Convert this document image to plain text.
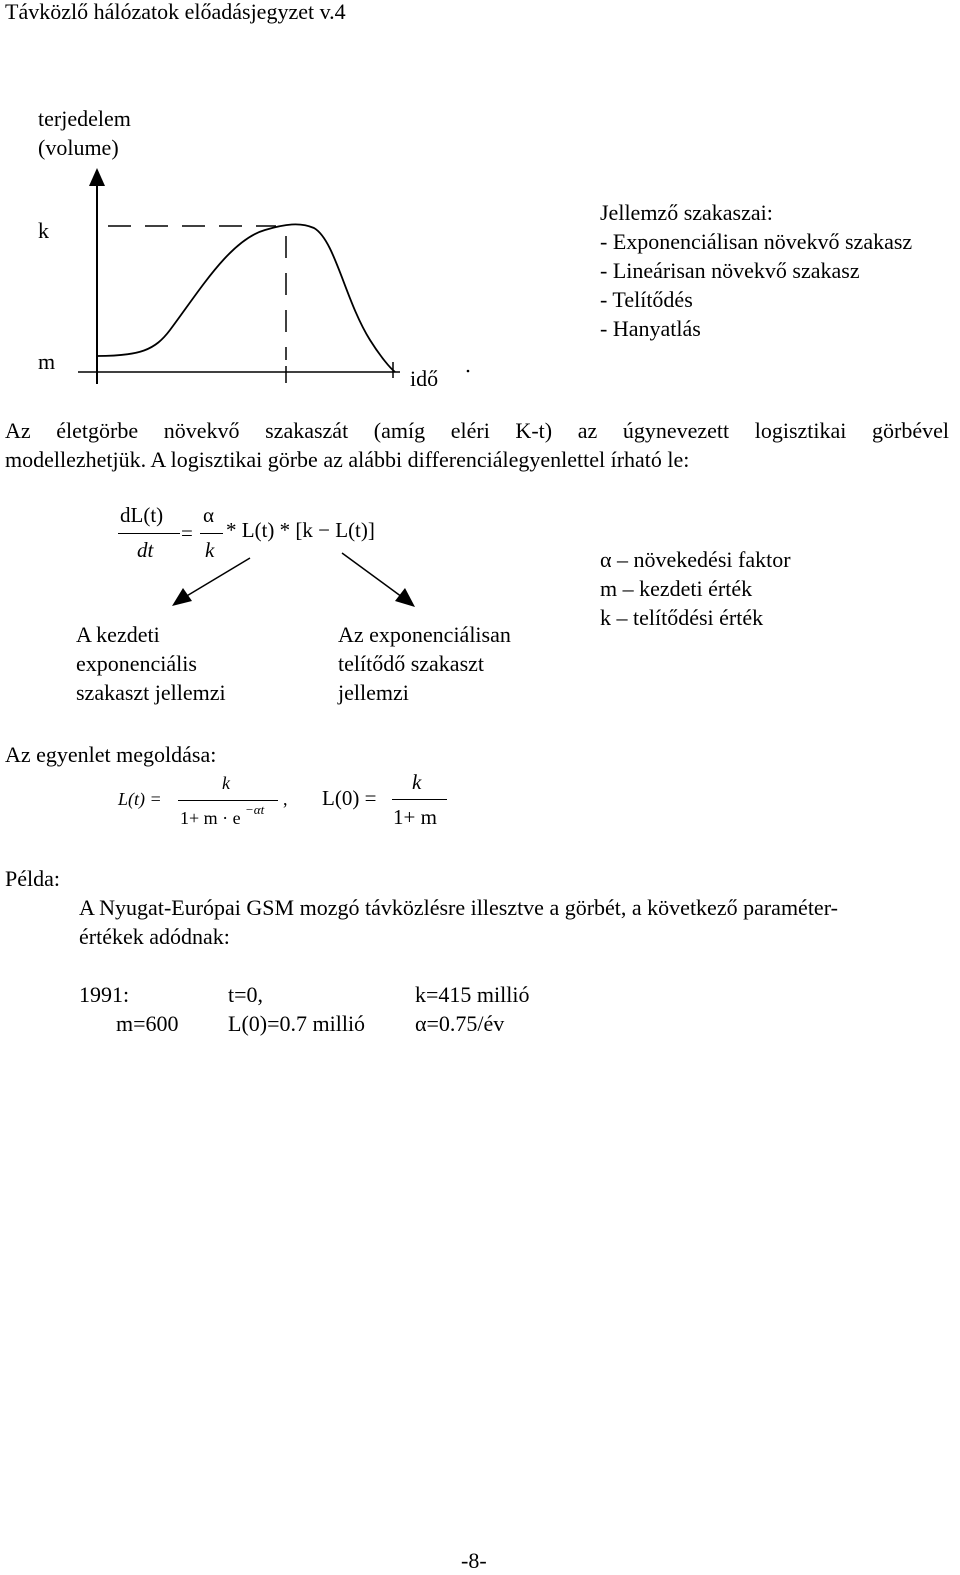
Távközlő hálózatok előadásjegyzet v.4
terjedelem
(volume)
k
m
idő
Jellemző szakaszai:
- Exponenciálisan növekvő szakasz
- Lineárisan növekvő szakasz
- Telítődés
- Hanyatlás
Az életgörbe növekvő szakaszát (amíg eléri K-t) az úgynevezett logisztikai görbével
modellezhetjük. A logisztikai görbe az alábbi differenciálegyenlettel írható le:
dL(t)
dt
=
α
k
* L(t) * [k − L(t)]
A kezdeti
exponenciális
szakaszt jellemzi
Az exponenciálisan
telítődő szakaszt
jellemzi
α – növekedési faktor
m – kezdeti érték
k – telítődési érték
Az egyenlet megoldása:
L(t) =
k
1+ m · e −αt
, L(0) =
k
1+ m
Példa:
A Nyugat-Európai GSM mozgó távközlésre illesztve a görbét, a következő paraméter-
értékek adódnak:
1991:	t=0,	k=415 millió
m=600 L(0)=0.7 millió α=0.75/év
-8-
